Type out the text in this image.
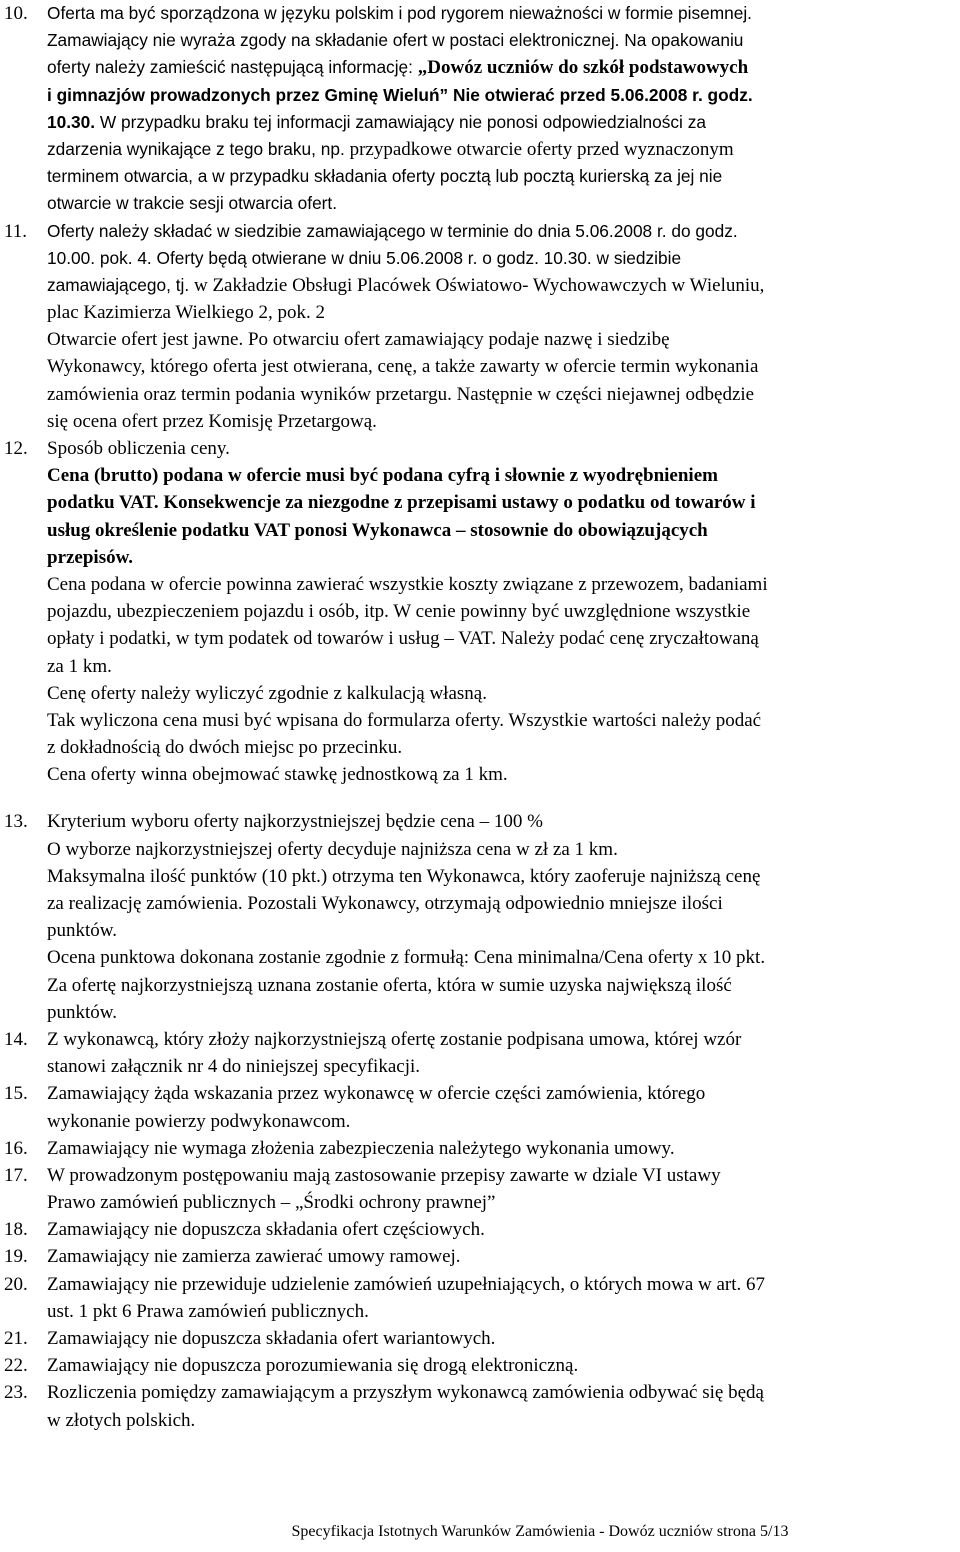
10.	Oferta ma być sporządzona w języku polskim i pod rygorem nieważności w formie pisemnej.
Zamawiający nie wyraża zgody na składanie ofert w postaci elektronicznej. Na opakowaniu
oferty należy zamieścić następującą informację: „Dowóz uczniów do szkół podstawowych
i gimnazjów prowadzonych przez Gminę Wieluń” Nie otwierać przed 5.06.2008 r. godz.
10.30. W przypadku braku tej informacji zamawiający nie ponosi odpowiedzialności za
zdarzenia wynikające z tego braku, np. przypadkowe otwarcie oferty przed wyznaczonym
terminem otwarcia, a w przypadku składania oferty pocztą lub pocztą kurierską za jej nie
otwarcie w trakcie sesji otwarcia ofert.
11.	Oferty należy składać w siedzibie zamawiającego w terminie do dnia 5.06.2008 r. do godz.
10.00. pok. 4. Oferty będą otwierane w dniu 5.06.2008 r. o godz. 10.30. w siedzibie
zamawiającego, tj. w Zakładzie Obsługi Placówek Oświatowo- Wychowawczych w Wieluniu,
plac Kazimierza Wielkiego 2, pok. 2
Otwarcie ofert jest jawne. Po otwarciu ofert zamawiający podaje nazwę i siedzibę
Wykonawcy, którego oferta jest otwierana, cenę, a także zawarty w ofercie termin wykonania
zamówienia oraz termin podania wyników przetargu. Następnie w części niejawnej odbędzie
się ocena ofert przez Komisję Przetargową.
12.	Sposób obliczenia ceny.
Cena (brutto) podana w ofercie musi być podana cyfrą i słownie z wyodrębnieniem
podatku VAT. Konsekwencje za niezgodne z przepisami ustawy o podatku od towarów i
usług określenie podatku VAT ponosi Wykonawca – stosownie do obowiązujących
przepisów.
Cena podana w ofercie powinna zawierać wszystkie koszty związane z przewozem, badaniami
pojazdu, ubezpieczeniem pojazdu i osób, itp. W cenie powinny być uwzględnione wszystkie
opłaty i podatki, w tym podatek od towarów i usług – VAT. Należy podać cenę zryczałtowaną
za 1 km.
Cenę oferty należy wyliczyć zgodnie z kalkulacją własną.
Tak wyliczona cena musi być wpisana do formularza oferty. Wszystkie wartości należy podać
z dokładnością do dwóch miejsc po przecinku.
Cena oferty winna obejmować stawkę jednostkową za 1 km.
13.	Kryterium wyboru oferty najkorzystniejszej będzie cena – 100 %
O wyborze najkorzystniejszej oferty decyduje najniższa cena w zł za 1 km.
Maksymalna ilość punktów (10 pkt.) otrzyma ten Wykonawca, który zaoferuje najniższą cenę
za realizację zamówienia. Pozostali Wykonawcy, otrzymają odpowiednio mniejsze ilości
punktów.
Ocena punktowa dokonana zostanie zgodnie z formułą: Cena minimalna/Cena oferty x 10 pkt.
Za ofertę najkorzystniejszą uznana zostanie oferta, która w sumie uzyska największą ilość
punktów.
14.	Z wykonawcą, który złoży najkorzystniejszą ofertę zostanie podpisana umowa, której wzór
stanowi załącznik nr 4 do niniejszej specyfikacji.
15.	Zamawiający żąda wskazania przez wykonawcę w ofercie części zamówienia, którego
wykonanie powierzy podwykonawcom.
16.	Zamawiający nie wymaga złożenia zabezpieczenia należytego wykonania umowy.
17.	W prowadzonym postępowaniu mają zastosowanie przepisy zawarte w dziale VI ustawy
Prawo zamówień publicznych – „Środki ochrony prawnej”
18.	Zamawiający nie dopuszcza składania ofert częściowych.
19.	Zamawiający nie zamierza zawierać umowy ramowej.
20.	Zamawiający nie przewiduje udzielenie zamówień uzupełniających, o których mowa w art. 67
ust. 1 pkt 6 Prawa zamówień publicznych.
21.	Zamawiający nie dopuszcza składania ofert wariantowych.
22.	Zamawiający nie dopuszcza porozumiewania się drogą elektroniczną.
23.	Rozliczenia pomiędzy zamawiającym a przyszłym wykonawcą zamówienia odbywać się będą
w złotych polskich.
Specyfikacja Istotnych Warunków Zamówienia - Dowóz uczniów strona 5/13
